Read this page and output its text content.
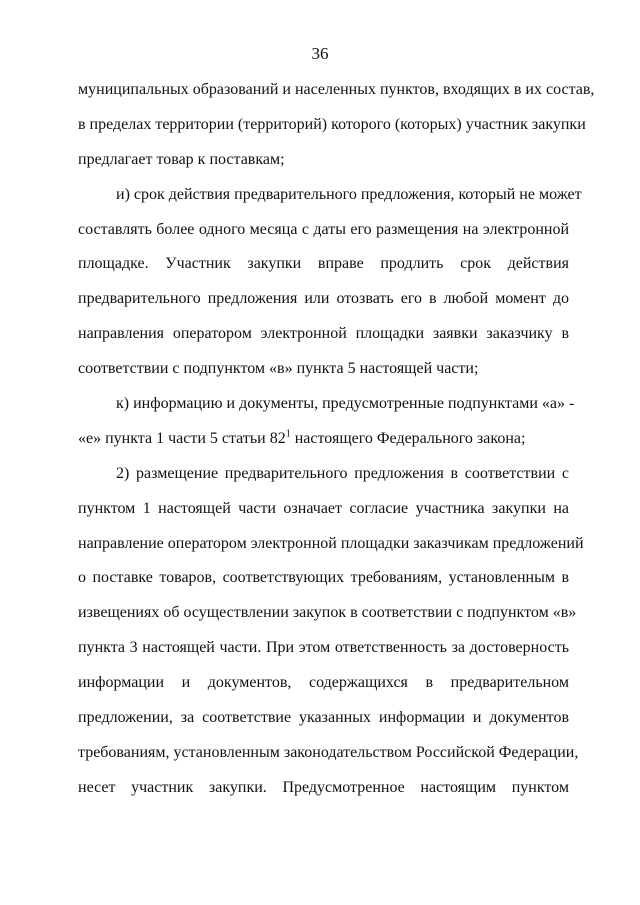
36
муниципальных образований и населенных пунктов, входящих в их состав,
в пределах территории (территорий) которого (которых) участник закупки
предлагает товар к поставкам;
и) срок действия предварительного предложения, который не может
составлять более одного месяца с даты его размещения на электронной
площадке. Участник закупки вправе продлить срок действия
предварительного предложения или отозвать его в любой момент до
направления оператором электронной площадки заявки заказчику в
соответствии с подпунктом «в» пункта 5 настоящей части;
к) информацию и документы, предусмотренные подпунктами «а» -
«е» пункта 1 части 5 статьи $82^1$ настоящего Федерального закона;
2) размещение предварительного предложения в соответствии с
пунктом 1 настоящей части означает согласие участника закупки на
направление оператором электронной площадки заказчикам предложений
о поставке товаров, соответствующих требованиям, установленным в
извещениях об осуществлении закупок в соответствии с подпунктом «в»
пункта 3 настоящей части. При этом ответственность за достоверность
информации и документов, содержащихся в предварительном
предложении, за соответствие указанных информации и документов
требованиям, установленным законодательством Российской Федерации,
несет участник закупки. Предусмотренное настоящим пунктом
